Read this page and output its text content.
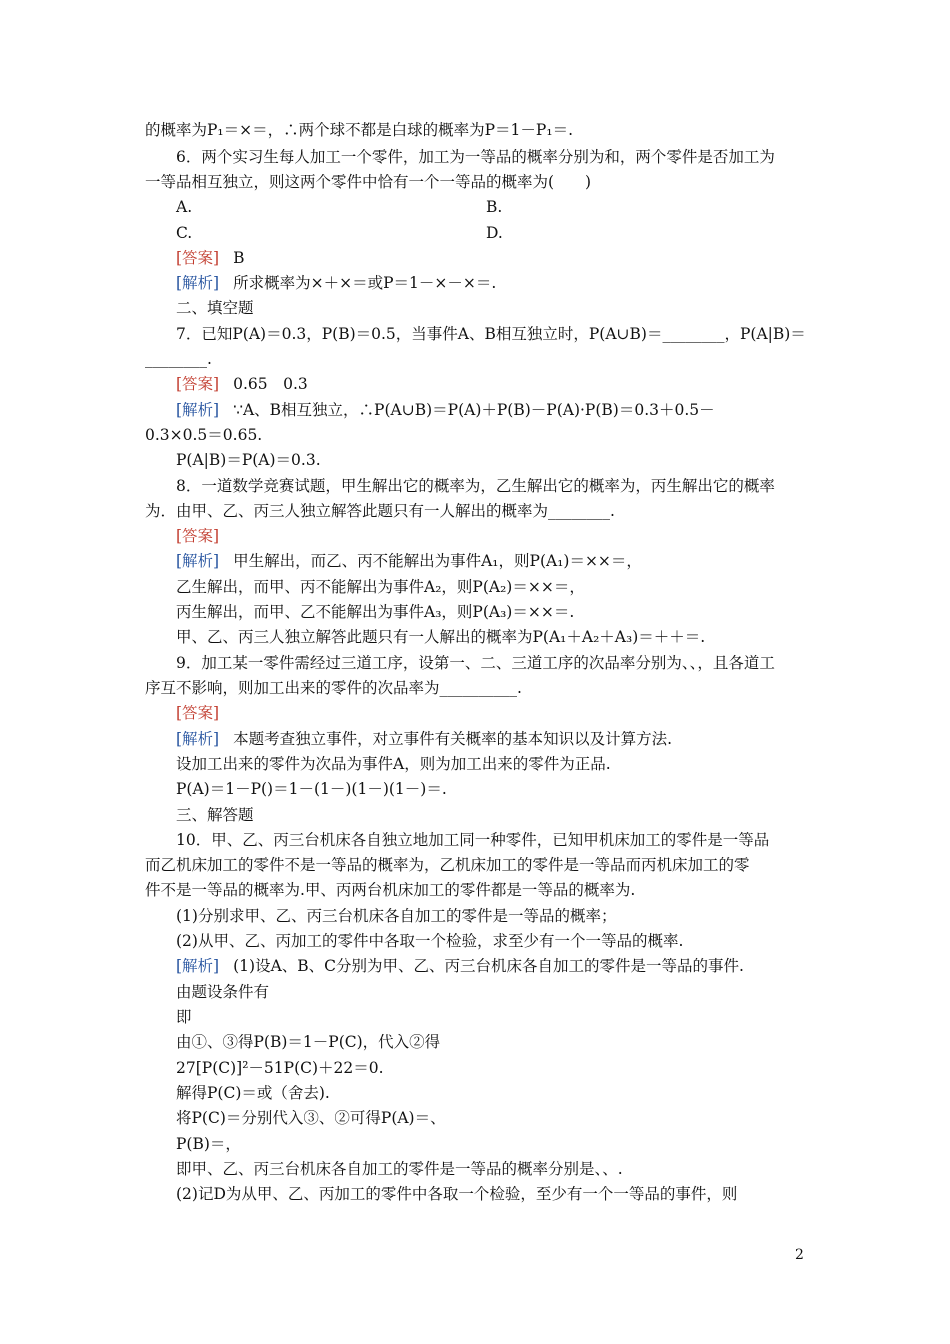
的概率为P₁＝×＝，∴两个球不都是白球的概率为P＝1－P₁＝.
6．两个实习生每人加工一个零件，加工为一等品的概率分别为和，两个零件是否加工为
一等品相互独立，则这两个零件中恰有一个一等品的概率为(　　)
A.	B.
C.	D.
[答案] B
[解析] 所求概率为×＋×＝或P＝1－×－×＝.
二、填空题
7．已知P(A)＝0.3，P(B)＝0.5，当事件A、B相互独立时，P(A∪B)＝________，P(A|B)＝
________.
[答案] 0.65　0.3
[解析] ∵A、B相互独立，∴P(A∪B)＝P(A)＋P(B)－P(A)·P(B)＝0.3＋0.5－
0.3×0.5＝0.65.
P(A|B)＝P(A)＝0.3.
8．一道数学竞赛试题，甲生解出它的概率为，乙生解出它的概率为，丙生解出它的概率
为．由甲、乙、丙三人独立解答此题只有一人解出的概率为________.
[答案]
[解析] 甲生解出，而乙、丙不能解出为事件A₁，则P(A₁)＝××＝，
乙生解出，而甲、丙不能解出为事件A₂，则P(A₂)＝××＝，
丙生解出，而甲、乙不能解出为事件A₃，则P(A₃)＝××＝.
甲、乙、丙三人独立解答此题只有一人解出的概率为P(A₁＋A₂＋A₃)＝＋＋＝.
9．加工某一零件需经过三道工序，设第一、二、三道工序的次品率分别为、、，且各道工
序互不影响，则加工出来的零件的次品率为__________.
[答案]
[解析] 本题考查独立事件，对立事件有关概率的基本知识以及计算方法.
设加工出来的零件为次品为事件A，则为加工出来的零件为正品.
P(A)＝1－P()＝1－(1－)(1－)(1－)＝.
三、解答题
10．甲、乙、丙三台机床各自独立地加工同一种零件，已知甲机床加工的零件是一等品
而乙机床加工的零件不是一等品的概率为，乙机床加工的零件是一等品而丙机床加工的零
件不是一等品的概率为.甲、丙两台机床加工的零件都是一等品的概率为.
(1)分别求甲、乙、丙三台机床各自加工的零件是一等品的概率；
(2)从甲、乙、丙加工的零件中各取一个检验，求至少有一个一等品的概率.
[解析] (1)设A、B、C分别为甲、乙、丙三台机床各自加工的零件是一等品的事件.
由题设条件有
即
由①、③得P(B)＝1－P(C)，代入②得
27[P(C)]²－51P(C)＋22＝0.
解得P(C)＝或（舍去).
将P(C)＝分别代入③、②可得P(A)＝、
P(B)＝，
即甲、乙、丙三台机床各自加工的零件是一等品的概率分别是、、.
(2)记D为从甲、乙、丙加工的零件中各取一个检验，至少有一个一等品的事件，则
2
